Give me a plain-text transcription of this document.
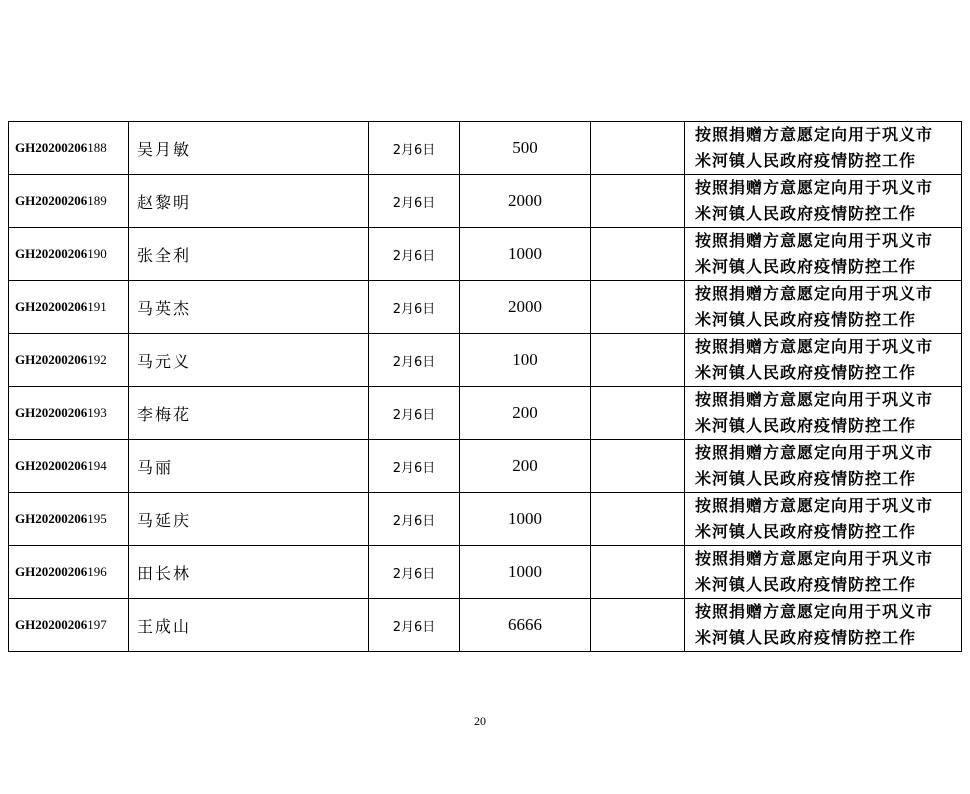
GH20200206188	吴月敏	2月6日	500		按照捐赠方意愿定向用于巩义市
米河镇人民政府疫情防控工作

GH20200206189	赵黎明	2月6日	2000		按照捐赠方意愿定向用于巩义市
米河镇人民政府疫情防控工作

GH20200206190	张全利	2月6日	1000		按照捐赠方意愿定向用于巩义市
米河镇人民政府疫情防控工作

GH20200206191	马英杰	2月6日	2000		按照捐赠方意愿定向用于巩义市
米河镇人民政府疫情防控工作

GH20200206192	马元义	2月6日	100		按照捐赠方意愿定向用于巩义市
米河镇人民政府疫情防控工作

GH20200206193	李梅花	2月6日	200		按照捐赠方意愿定向用于巩义市
米河镇人民政府疫情防控工作

GH20200206194	马丽	2月6日	200		按照捐赠方意愿定向用于巩义市
米河镇人民政府疫情防控工作

GH20200206195	马延庆	2月6日	1000		按照捐赠方意愿定向用于巩义市
米河镇人民政府疫情防控工作

GH20200206196	田长林	2月6日	1000		按照捐赠方意愿定向用于巩义市
米河镇人民政府疫情防控工作

GH20200206197	王成山	2月6日	6666		按照捐赠方意愿定向用于巩义市
米河镇人民政府疫情防控工作
20
